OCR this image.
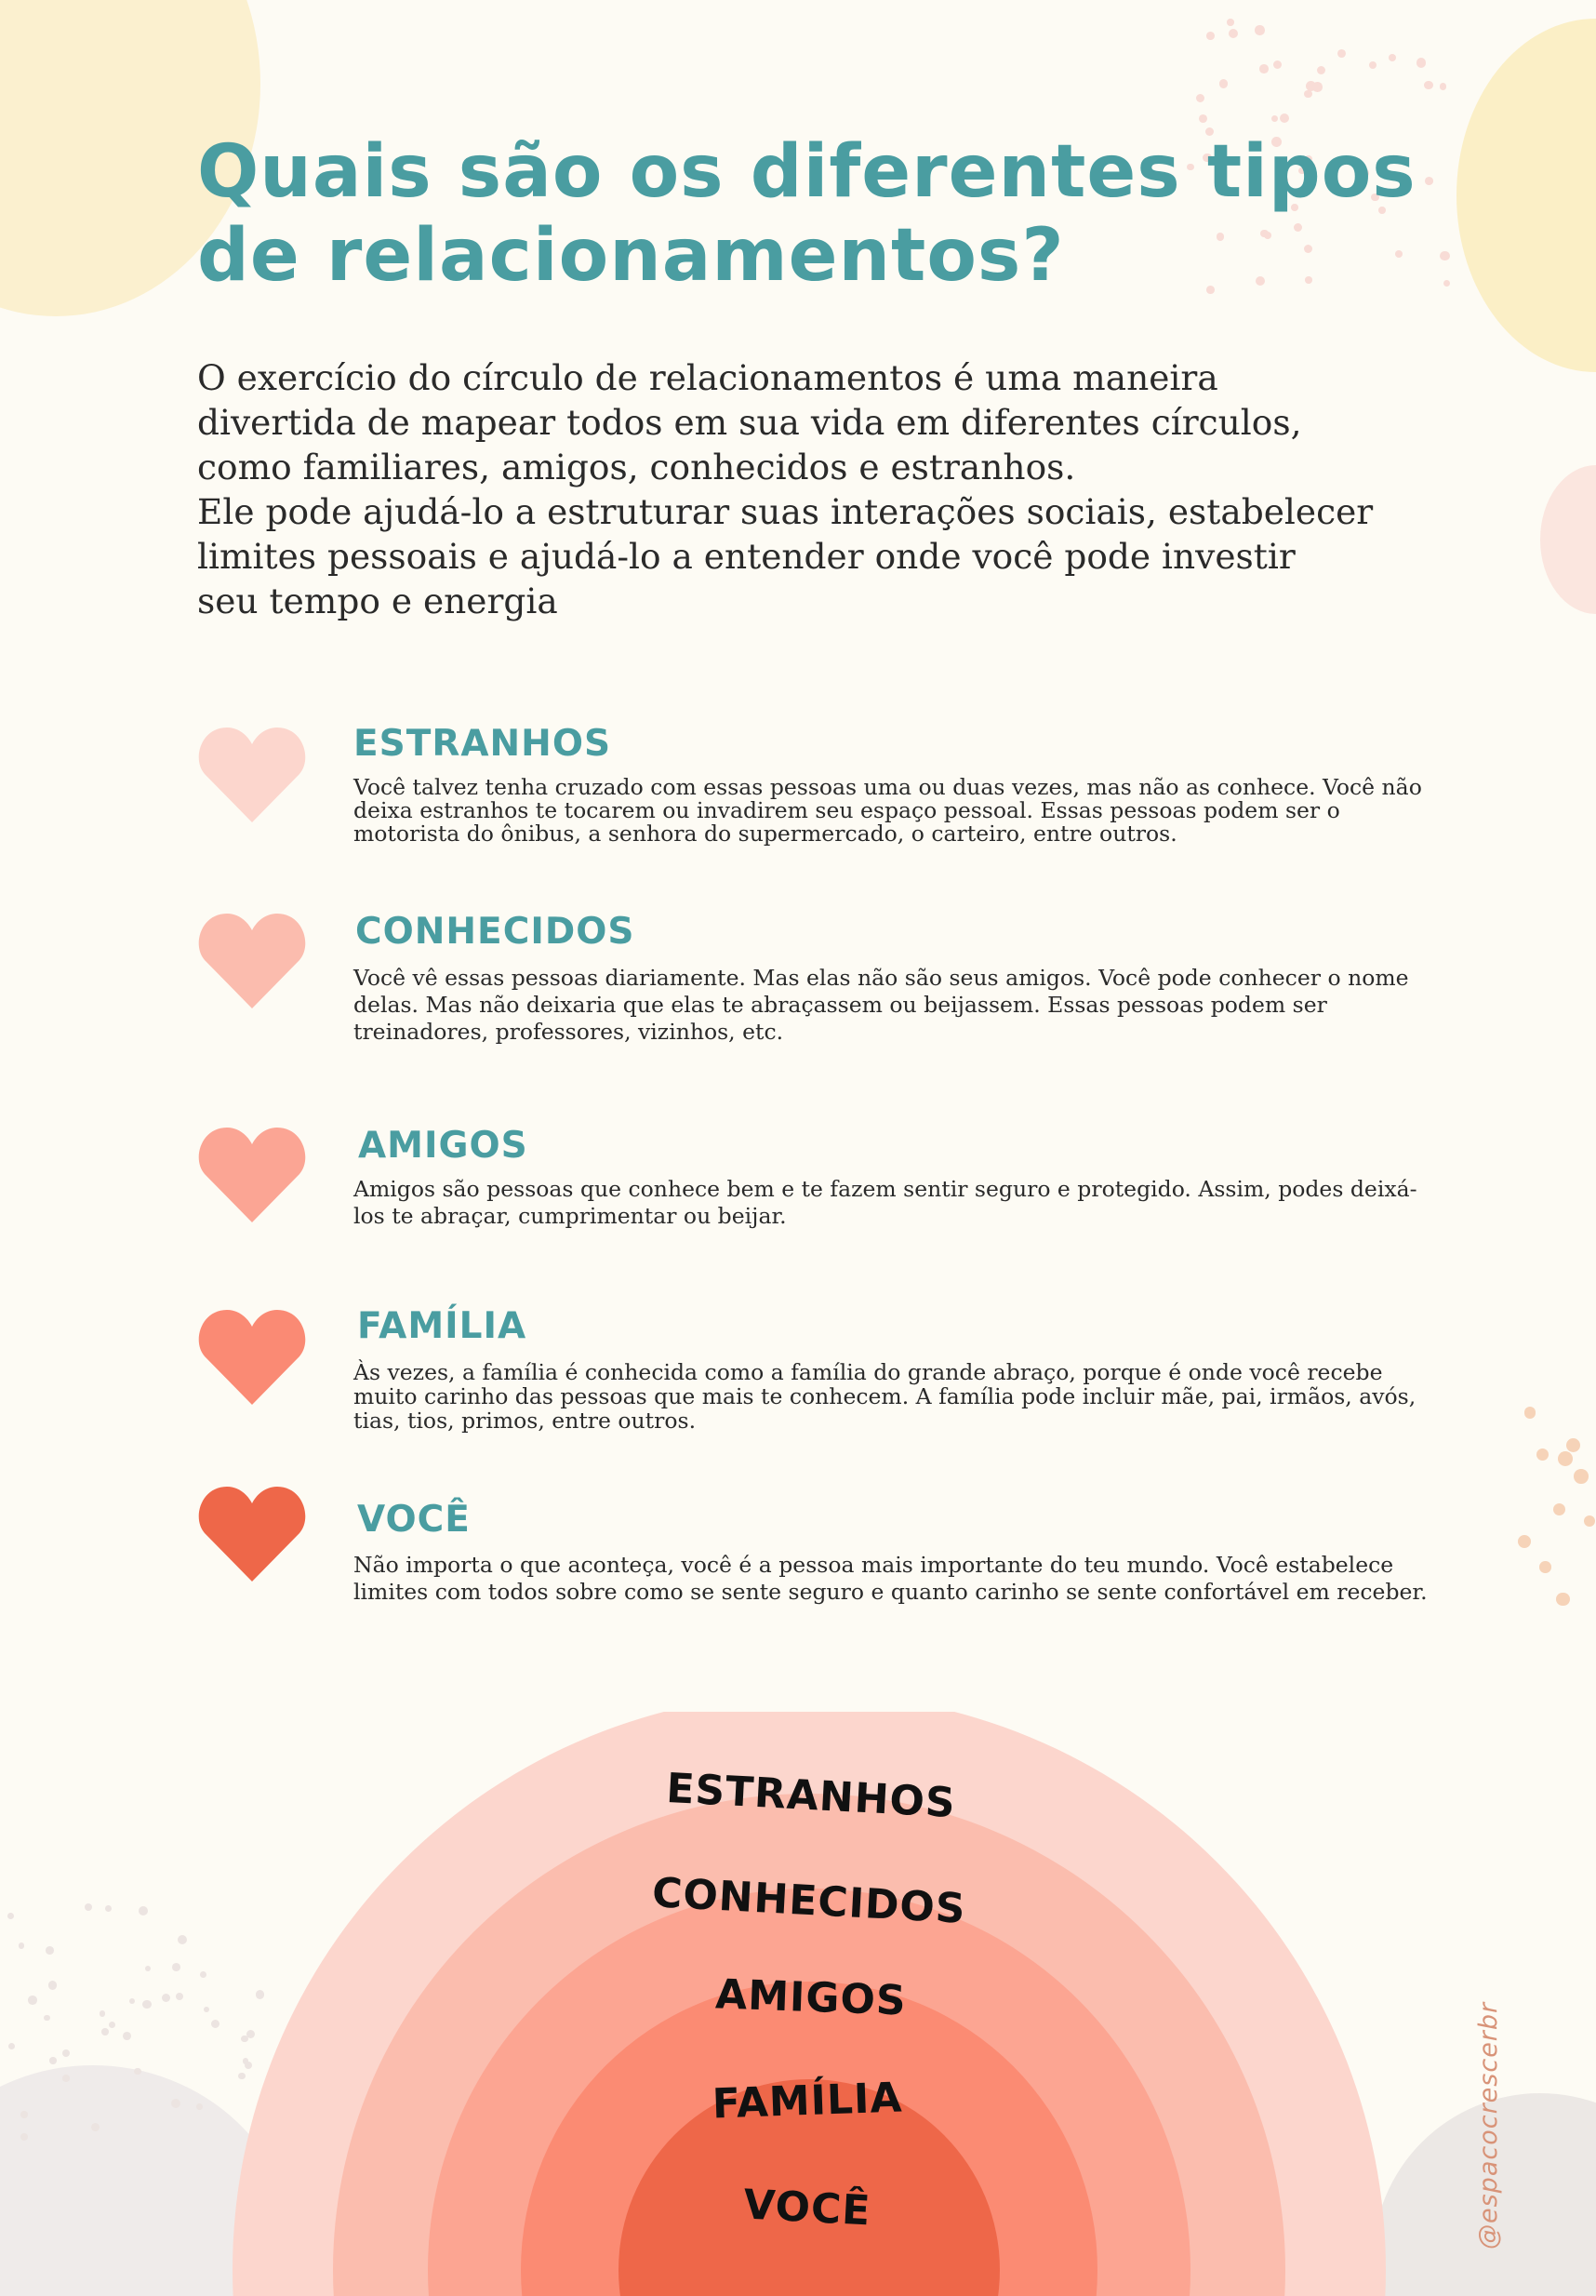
Quais são os diferentes tipos de relacionamentos?

O exercício do círculo de relacionamentos é uma maneira
divertida de mapear todos em sua vida em diferentes círculos,
como familiares, amigos, conhecidos e estranhos.
Ele pode ajudá-lo a estruturar suas interações sociais, estabelecer
limites pessoais e ajudá-lo a entender onde você pode investir
seu tempo e energia

ESTRANHOS

Você talvez tenha cruzado com essas pessoas uma ou duas vezes, mas não as conhece. Você não deixa estranhos te tocarem ou invadirem seu espaço pessoal. Essas pessoas podem ser o motorista do ônibus, a senhora do supermercado, o carteiro, entre outros.

CONHECIDOS

Você vê essas pessoas diariamente. Mas elas não são seus amigos. Você pode conhecer o nome delas. Mas não deixaria que elas te abraçassem ou beijassem. Essas pessoas podem ser treinadores, professores, vizinhos, etc.

AMIGOS

Amigos são pessoas que conhece bem e te fazem sentir seguro e protegido. Assim, podes deixá-los te abraçar, cumprimentar ou beijar.

FAMÍLIA

Às vezes, a família é conhecida como a família do grande abraço, porque é onde você recebe muito carinho das pessoas que mais te conhecem. A família pode incluir mãe, pai, irmãos, avós, tias, tios, primos, entre outros.

VOCÊ

Não importa o que aconteça, você é a pessoa mais importante do teu mundo. Você estabelece limites com todos sobre como se sente seguro e quanto carinho se sente confortável em receber.

ESTRANHOS
CONHECIDOS
AMIGOS
FAMÍLIA
VOCÊ	@espacocrescerbr
